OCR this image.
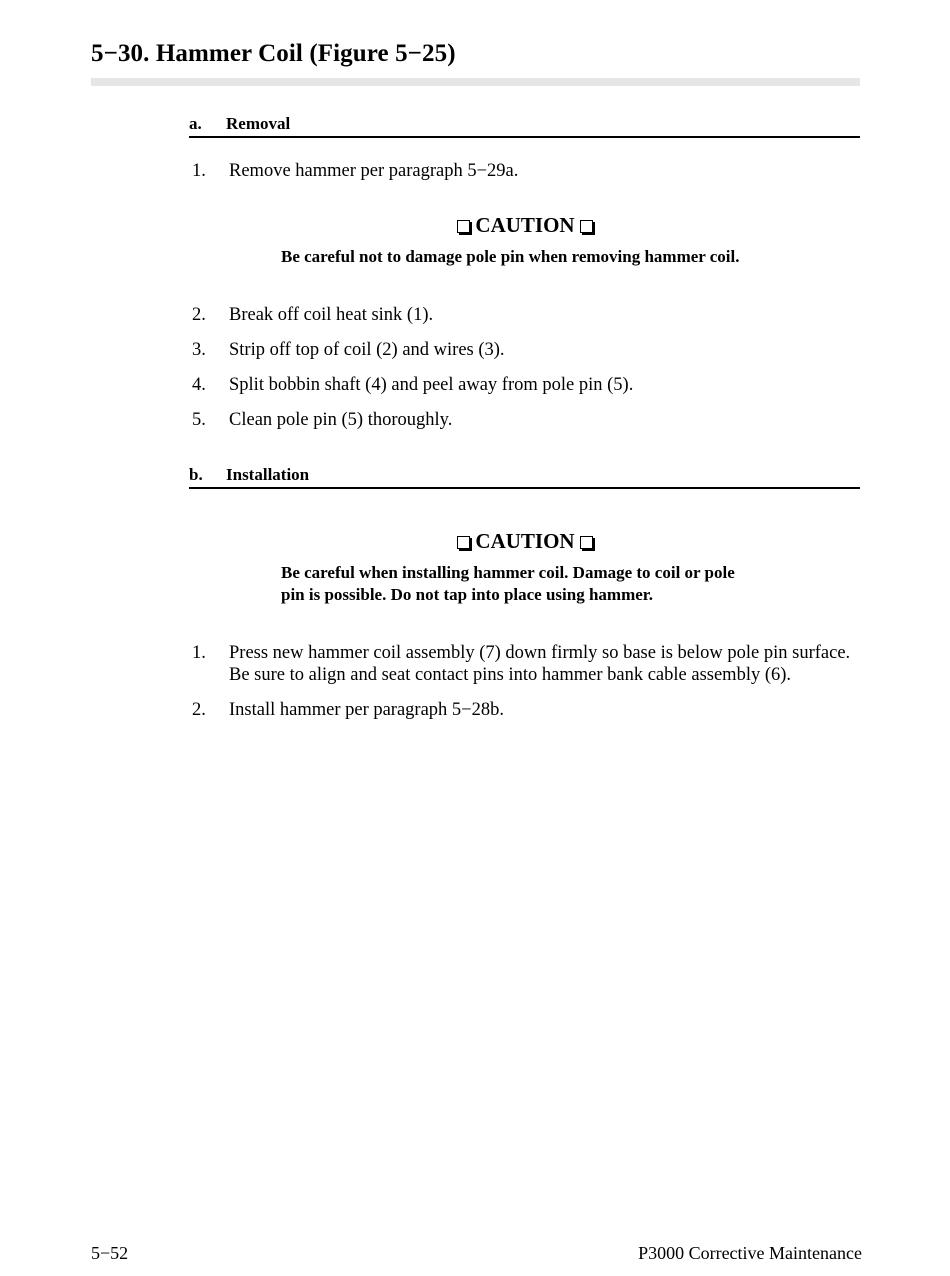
5−30. Hammer Coil (Figure 5−25)
a. Removal
1. Remove hammer per paragraph 5−29a.
CAUTION
Be careful not to damage pole pin when removing hammer coil.
2. Break off coil heat sink (1).
3. Strip off top of coil (2) and wires (3).
4. Split bobbin shaft (4) and peel away from pole pin (5).
5. Clean pole pin (5) thoroughly.
b. Installation
CAUTION
Be careful when installing hammer coil. Damage to coil or pole
pin is possible. Do not tap into place using hammer.
1. Press new hammer coil assembly (7) down firmly so base is below pole pin surface.
Be sure to align and seat contact pins into hammer bank cable assembly (6).
2. Install hammer per paragraph 5−28b.
5−52	P3000 Corrective Maintenance
